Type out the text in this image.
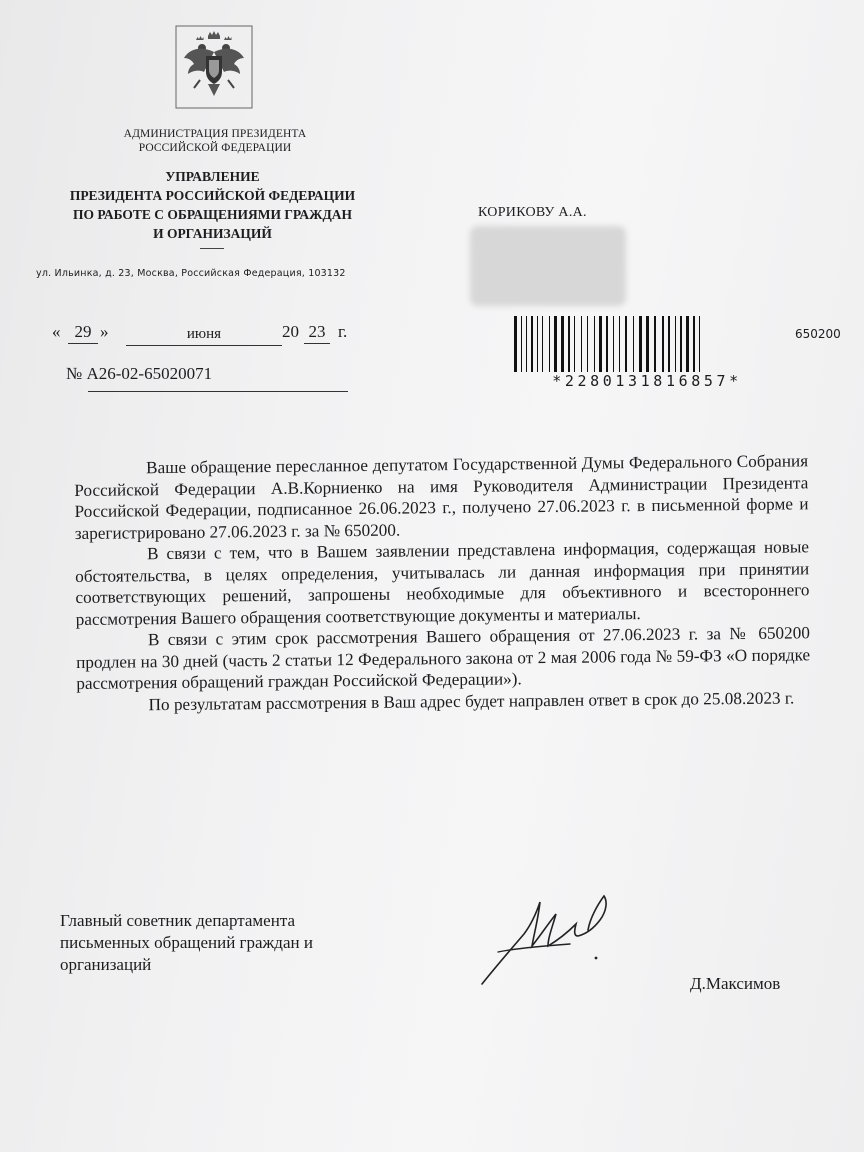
АДМИНИСТРАЦИЯ ПРЕЗИДЕНТА
РОССИЙСКОЙ ФЕДЕРАЦИИ
УПРАВЛЕНИЕ
ПРЕЗИДЕНТА РОССИЙСКОЙ ФЕДЕРАЦИИ
ПО РАБОТЕ С ОБРАЩЕНИЯМИ ГРАЖДАН
И ОРГАНИЗАЦИЙ
ул. Ильинка, д. 23, Москва, Российская Федерация, 103132
КОРИКОВУ А.А.
« 29 »	июня	20 23 г.
№ А26-02-65020071	*2280131816857*
650200

Ваше обращение пересланное депутатом Государственной Думы Федерального Собрания Российской Федерации А.В.Корниенко на имя Руководителя Администрации Президента Российской Федерации, подписанное 26.06.2023 г., получено 27.06.2023 г. в письменной форме и зарегистрировано 27.06.2023 г. за № 650200.

В связи с тем, что в Вашем заявлении представлена информация, содержащая новые обстоятельства, в целях определения, учитывалась ли данная информация при принятии соответствующих решений, запрошены необходимые для объективного и всестороннего рассмотрения Вашего обращения соответствующие документы и материалы.

В связи с этим срок рассмотрения Вашего обращения от 27.06.2023 г. за № 650200 продлен на 30 дней (часть 2 статьи 12 Федерального закона от 2 мая 2006 года № 59-ФЗ «О порядке рассмотрения обращений граждан Российской Федерации»).

По результатам рассмотрения в Ваш адрес будет направлен ответ в срок до 25.08.2023 г.

Главный советник департамента
письменных обращений граждан и
организаций
Д.Максимов
